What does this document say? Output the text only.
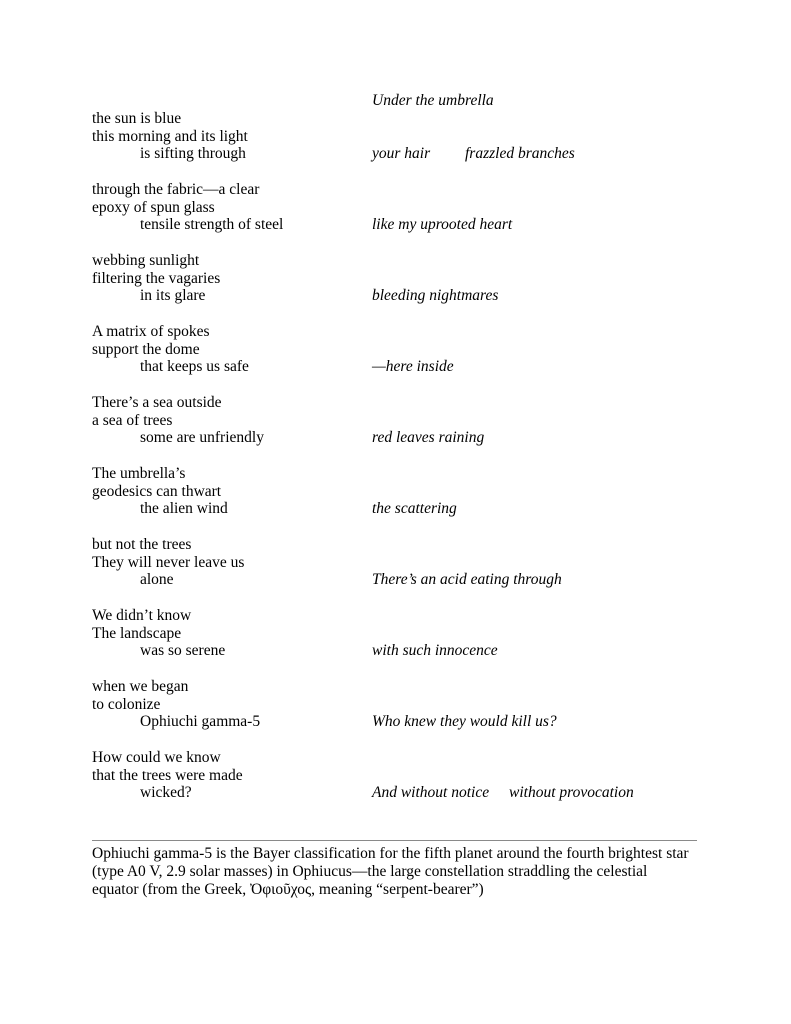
Under the umbrella

the sun is blue

this morning and its light

is sifting through

	your hair frazzled branches

through the fabric—a clear

epoxy of spun glass

tensile strength of steel

	like my uprooted heart

webbing sunlight

filtering the vagaries

in its glare

	bleeding nightmares

A matrix of spokes

support the dome

that keeps us safe

	—here inside

There’s a sea outside

a sea of trees

some are unfriendly

	red leaves raining

The umbrella’s

geodesics can thwart

the alien wind

	the scattering

but not the trees

They will never leave us

alone

	There’s an acid eating through

We didn’t know

The landscape

was so serene

	with such innocence

when we began

to colonize

Ophiuchi gamma-5

	Who knew they would kill us?

How could we know

that the trees were made

wicked?

	And without notice without provocation
Ophiuchi gamma-5 is the Bayer classification for the fifth planet around the fourth brightest star
(type A0 V, 2.9 solar masses) in Ophiucus—the large constellation straddling the celestial
equator (from the Greek, Ὀφιοῦχος, meaning “serpent-bearer”)
